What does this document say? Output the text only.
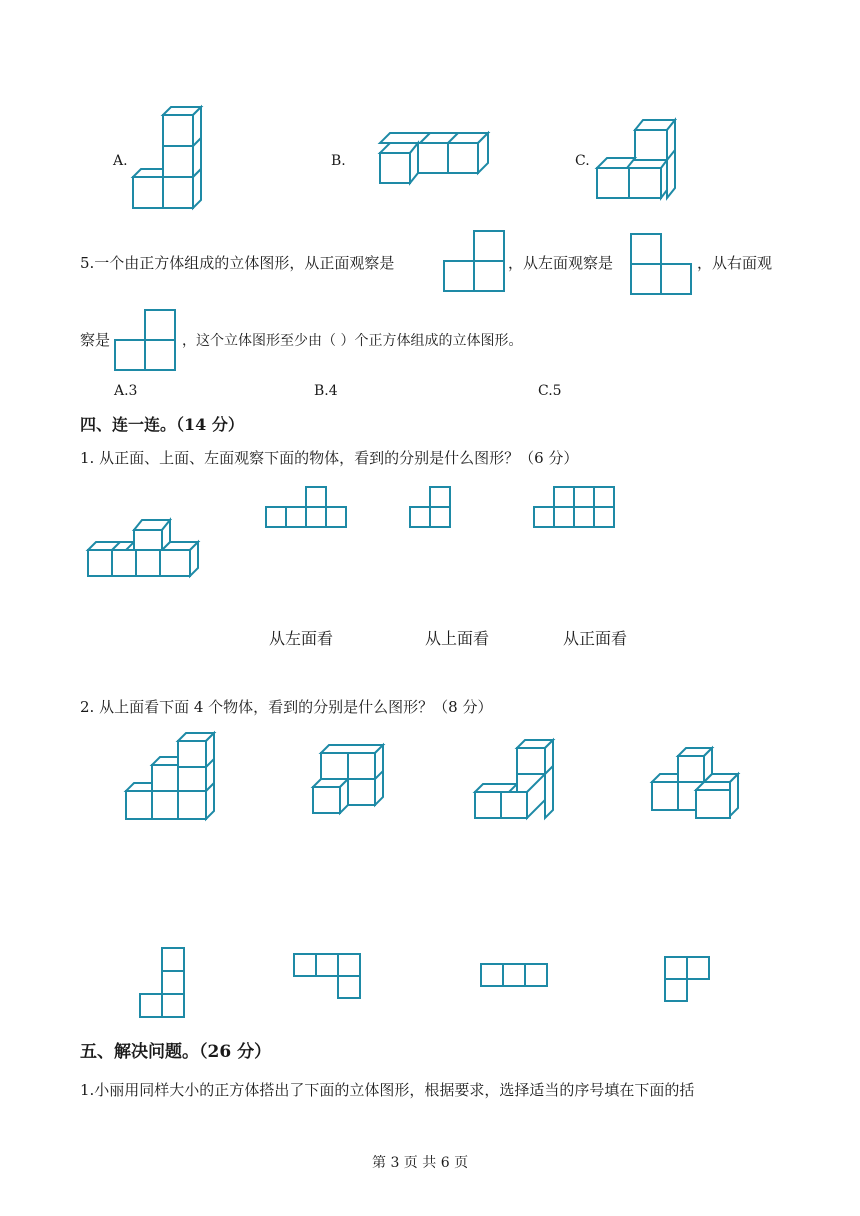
A.	B.	C.
5.一个由正方体组成的立体图形，从正面观察是	，从左面观察是	，从右面观
察是	，这个立体图形至少由（ ）个正方体组成的立体图形。
A.3	B.4	C.5
四、连一连。（14 分）
1. 从正面、上面、左面观察下面的物体，看到的分别是什么图形？（6 分）
从左面看	从上面看	从正面看
2. 从上面看下面 4 个物体，看到的分别是什么图形？（8 分）
五、解决问题。（26 分）
1.小丽用同样大小的正方体搭出了下面的立体图形，根据要求，选择适当的序号填在下面的括
第 3 页 共 6 页
